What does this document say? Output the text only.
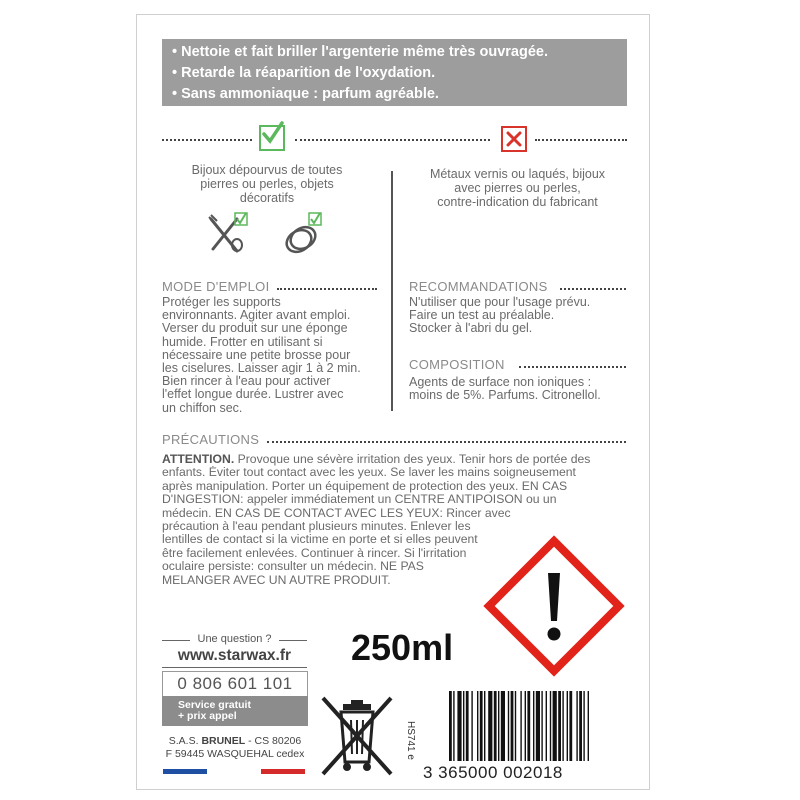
• Nettoie et fait briller l'argenterie même très ouvragée.
• Retarde la réaparition de l'oxydation.
• Sans ammoniaque : parfum agréable.
Bijoux dépourvus de toutes
pierres ou perles, objets
décoratifs
Métaux vernis ou laqués, bijoux
avec pierres ou perles,
contre-indication du fabricant
MODE D'EMPLOI
Protéger les supports
environnants. Agiter avant emploi.
Verser du produit sur une éponge
humide. Frotter en utilisant si
nécessaire une petite brosse pour
les ciselures. Laisser agir 1 à 2 min.
Bien rincer à l'eau pour activer
l'effet longue durée. Lustrer avec
un chiffon sec.
RECOMMANDATIONS
N'utiliser que pour l'usage prévu.
Faire un test au préalable.
Stocker à l'abri du gel.
COMPOSITION
Agents de surface non ioniques :
moins de 5%. Parfums. Citronellol.
PRÉCAUTIONS
ATTENTION. Provoque une sévère irritation des yeux. Tenir hors de portée des
enfants. Éviter tout contact avec les yeux. Se laver les mains soigneusement
après manipulation. Porter un équipement de protection des yeux. EN CAS
D'INGESTION: appeler immédiatement un CENTRE ANTIPOISON ou un
médecin. EN CAS DE CONTACT AVEC LES YEUX: Rincer avec
précaution à l'eau pendant plusieurs minutes. Enlever les
lentilles de contact si la victime en porte et si elles peuvent
être facilement enlevées. Continuer à rincer. Si l'irritation
oculaire persiste: consulter un médecin. NE PAS
MELANGER AVEC UN AUTRE PRODUIT.
Une question ?
www.starwax.fr	250ml
0 806 601 101
Service gratuit
+ prix appel
S.A.S. BRUNEL - CS 80206
F 59445 WASQUEHAL cedex	HS741 e
3 365000 002018
